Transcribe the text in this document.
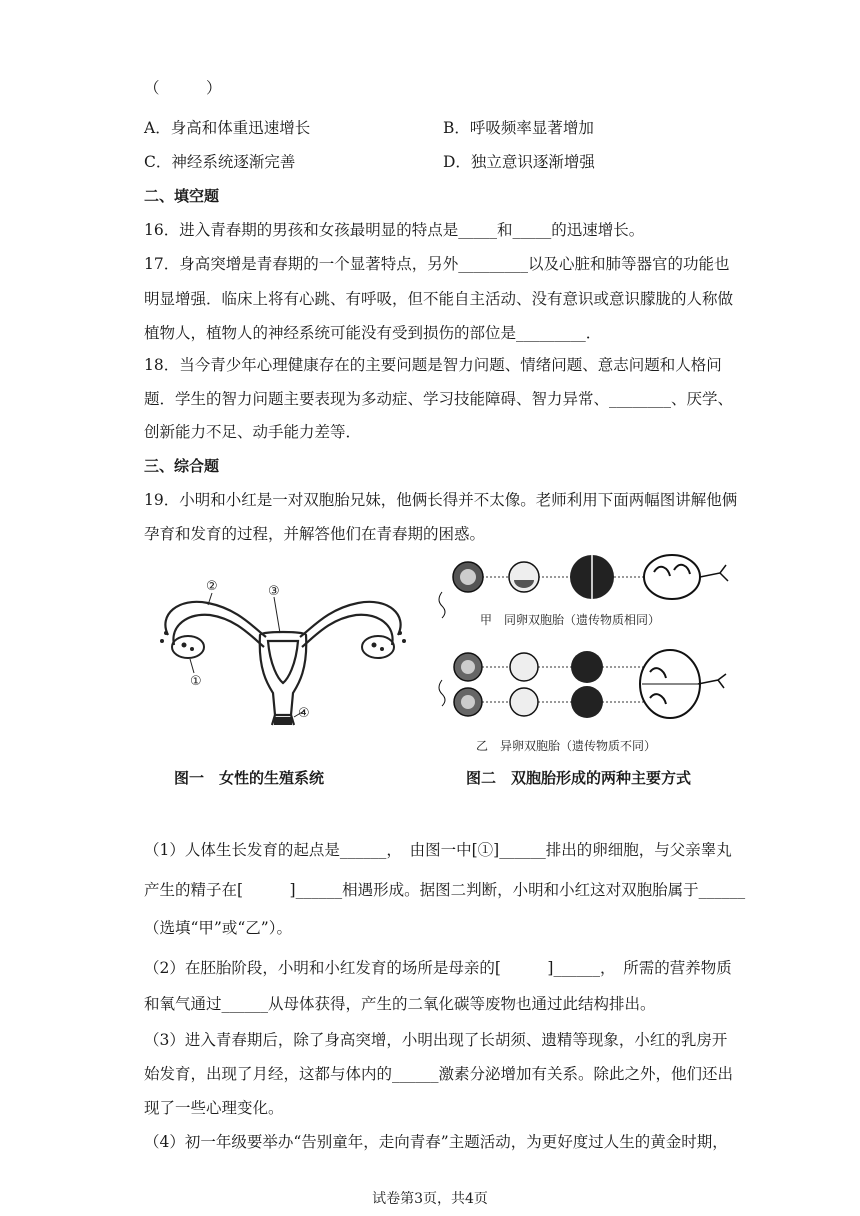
（　　　）
A．身高和体重迅速增长	B．呼吸频率显著增加
C．神经系统逐渐完善	D．独立意识逐渐增强
二、填空题
16．进入青春期的男孩和女孩最明显的特点是_____和_____的迅速增长。
17．身高突增是青春期的一个显著特点，另外_________以及心脏和肺等器官的功能也
明显增强．临床上将有心跳、有呼吸，但不能自主活动、没有意识或意识朦胧的人称做
植物人，植物人的神经系统可能没有受到损伤的部位是_________．
18．当今青少年心理健康存在的主要问题是智力问题、情绪问题、意志问题和人格问
题．学生的智力问题主要表现为多动症、学习技能障碍、智力异常、________、厌学、
创新能力不足、动手能力差等．
三、综合题
19．小明和小红是一对双胞胎兄妹，他俩长得并不太像。老师利用下面两幅图讲解他俩
孕育和发育的过程，并解答他们在青春期的困惑。
①
②	③
④
图一　女性的生殖系统
甲　同卵双胞胎（遗传物质相同）
乙　异卵双胞胎（遗传物质不同）
图二　双胞胎形成的两种主要方式
（1）人体生长发育的起点是______，　由图一中[①]______排出的卵细胞，与父亲睾丸
产生的精子在[　　　]______相遇形成。据图二判断，小明和小红这对双胞胎属于______
（选填“甲”或“乙”）。
（2）在胚胎阶段，小明和小红发育的场所是母亲的[　　　]______，　所需的营养物质
和氧气通过______从母体获得，产生的二氧化碳等废物也通过此结构排出。
（3）进入青春期后，除了身高突增，小明出现了长胡须、遗精等现象，小红的乳房开
始发育，出现了月经，这都与体内的______激素分泌增加有关系。除此之外，他们还出
现了一些心理变化。
（4）初一年级要举办“告别童年，走向青春”主题活动，为更好度过人生的黄金时期，
试卷第3页，共4页
